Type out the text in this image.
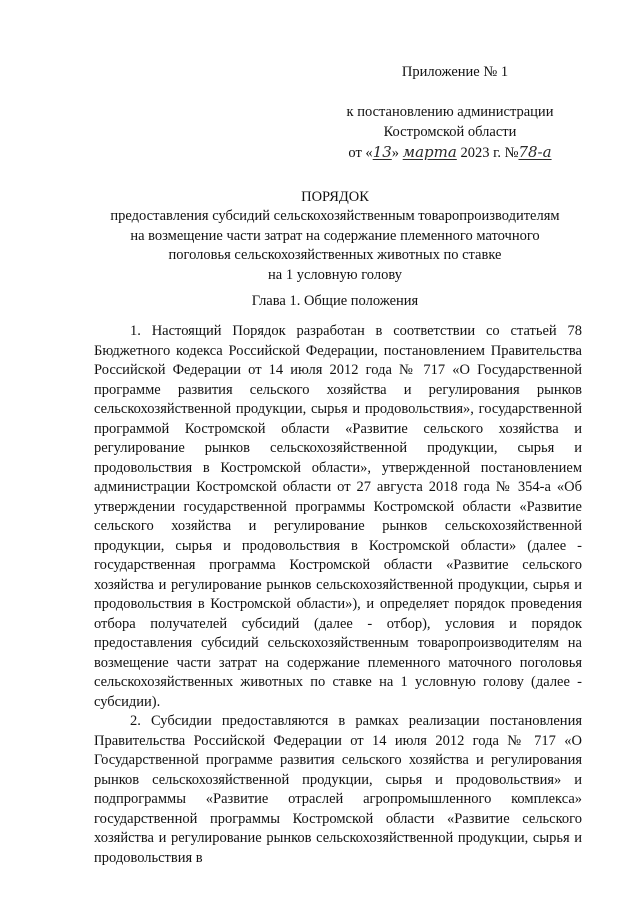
Приложение № 1
к постановлению администрации
Костромской области
от «13» марта 2023 г. №78-а
ПОРЯДОК
предоставления субсидий сельскохозяйственным товаропроизводителям
на возмещение части затрат на содержание племенного маточного
поголовья сельскохозяйственных животных по ставке
на 1 условную голову
Глава 1. Общие положения

1. Настоящий Порядок разработан в соответствии со статьей 78 Бюджетного кодекса Российской Федерации, постановлением Правительства Российской Федерации от 14 июля 2012 года № 717 «О Государственной программе развития сельского хозяйства и регулирования рынков сельскохозяйственной продукции, сырья и продовольствия», государственной программой Костромской области «Развитие сельского хозяйства и регулирование рынков сельскохозяйственной продукции, сырья и продовольствия в Костромской области», утвержденной постановлением администрации Костромской области от 27 августа 2018 года № 354-а «Об утверждении государственной программы Костромской области «Развитие сельского хозяйства и регулирование рынков сельскохозяйственной продукции, сырья и продовольствия в Костромской области» (далее - государственная программа Костромской области «Развитие сельского хозяйства и регулирование рынков сельскохозяйственной продукции, сырья и продовольствия в Костромской области»), и определяет порядок проведения отбора получателей субсидий (далее - отбор), условия и порядок предоставления субсидий сельскохозяйственным товаропроизводителям на возмещение части затрат на содержание племенного маточного поголовья сельскохозяйственных животных по ставке на 1 условную голову (далее - субсидии).

2. Субсидии предоставляются в рамках реализации постановления Правительства Российской Федерации от 14 июля 2012 года № 717 «О Государственной программе развития сельского хозяйства и регулирования рынков сельскохозяйственной продукции, сырья и продовольствия» и подпрограммы «Развитие отраслей агропромышленного комплекса» государственной программы Костромской области «Развитие сельского хозяйства и регулирование рынков сельскохозяйственной продукции, сырья и продовольствия в
